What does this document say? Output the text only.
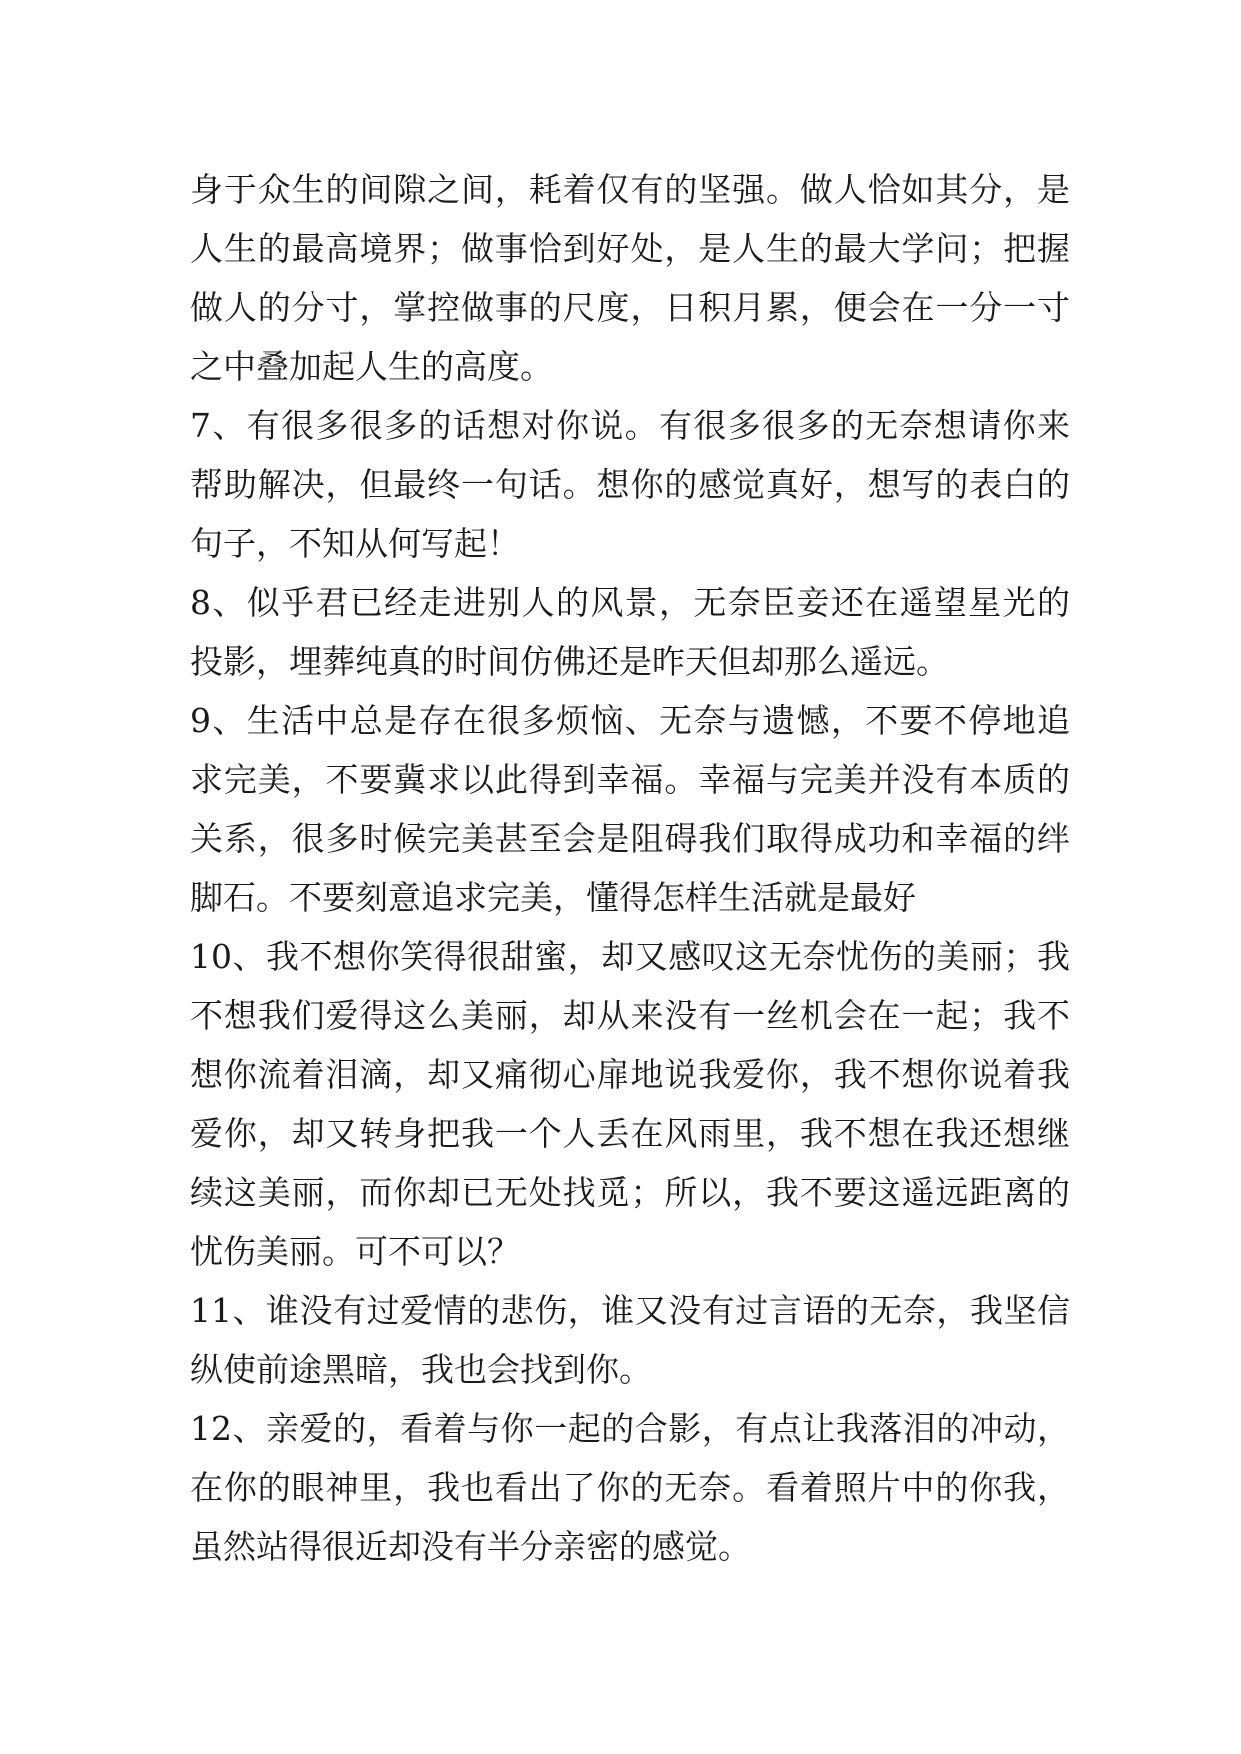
身于众生的间隙之间，耗着仅有的坚强。做人恰如其分，是
人生的最高境界；做事恰到好处，是人生的最大学问；把握
做人的分寸，掌控做事的尺度，日积月累，便会在一分一寸
之中叠加起人生的高度。
7、有很多很多的话想对你说。有很多很多的无奈想请你来
帮助解决，但最终一句话。想你的感觉真好，想写的表白的
句子，不知从何写起！
8、似乎君已经走进别人的风景，无奈臣妾还在遥望星光的
投影，埋葬纯真的时间仿佛还是昨天但却那么遥远。
9、生活中总是存在很多烦恼、无奈与遗憾，不要不停地追
求完美，不要冀求以此得到幸福。幸福与完美并没有本质的
关系，很多时候完美甚至会是阻碍我们取得成功和幸福的绊
脚石。不要刻意追求完美，懂得怎样生活就是最好
10、我不想你笑得很甜蜜，却又感叹这无奈忧伤的美丽；我
不想我们爱得这么美丽，却从来没有一丝机会在一起；我不
想你流着泪滴，却又痛彻心扉地说我爱你，我不想你说着我
爱你，却又转身把我一个人丢在风雨里，我不想在我还想继
续这美丽，而你却已无处找觅；所以，我不要这遥远距离的
忧伤美丽。可不可以？
11、谁没有过爱情的悲伤，谁又没有过言语的无奈，我坚信
纵使前途黑暗，我也会找到你。
12、亲爱的，看着与你一起的合影，有点让我落泪的冲动，
在你的眼神里，我也看出了你的无奈。看着照片中的你我，
虽然站得很近却没有半分亲密的感觉。
